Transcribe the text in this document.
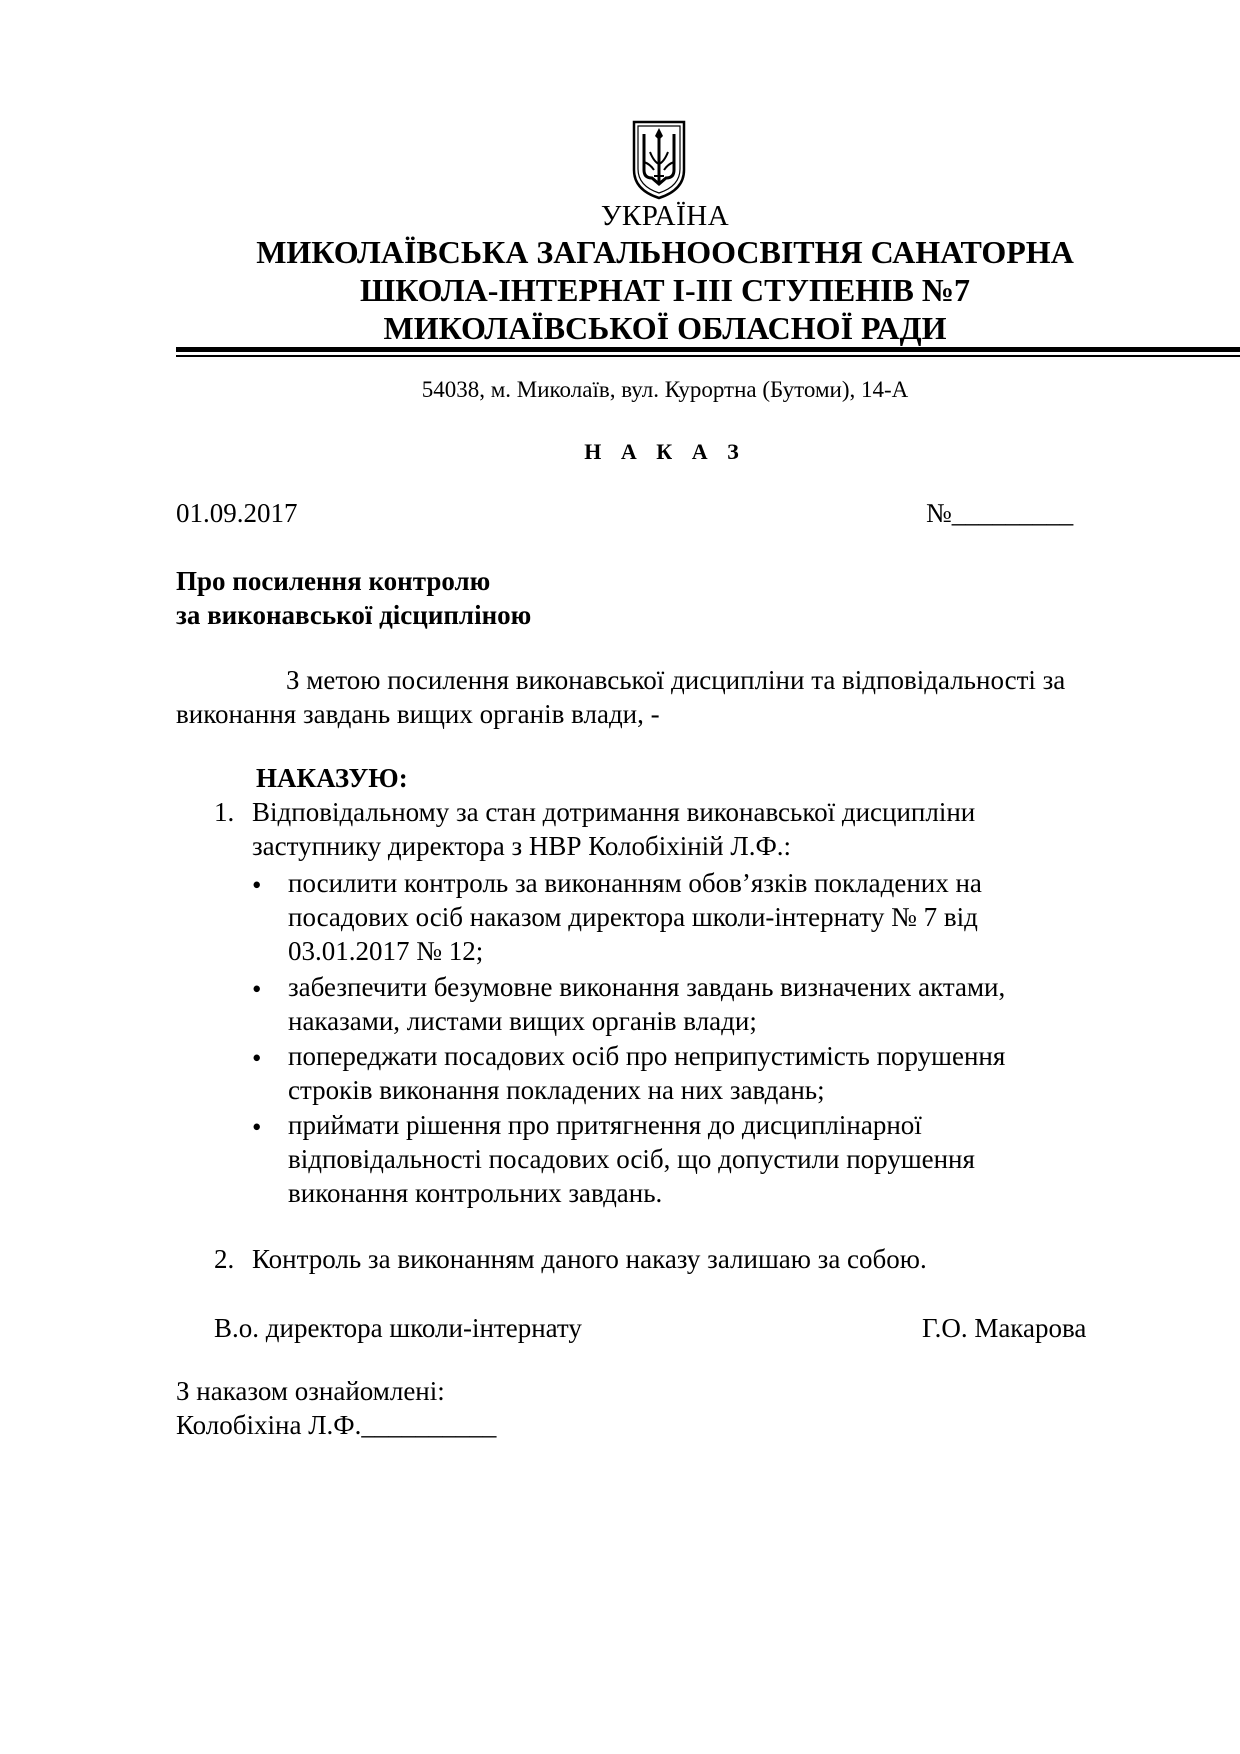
УКРАЇНА
МИКОЛАЇВСЬКА ЗАГАЛЬНООСВІТНЯ САНАТОРНА
ШКОЛА-ІНТЕРНАТ І-ІІІ СТУПЕНІВ №7
МИКОЛАЇВСЬКОЇ ОБЛАСНОЇ РАДИ
54038, м. Миколаїв, вул. Курортна (Бутоми), 14-А
Н А К А З
01.09.2017	№_________
Про посилення контролю
за виконавської дісципліною
З метою посилення виконавської дисципліни та відповідальності за
виконання завдань вищих органів влади, -
НАКАЗУЮ:
1. Відповідальному за стан дотримання виконавської дисципліни
заступнику директора з НВР Колобіхіній Л.Ф.:
• посилити контроль за виконанням обов’язків покладених на
посадових осіб наказом директора школи-інтернату № 7 від
03.01.2017 № 12;
• забезпечити безумовне виконання завдань визначених актами,
наказами, листами вищих органів влади;
• попереджати посадових осіб про неприпустимість порушення
строків виконання покладених на них завдань;
• приймати рішення про притягнення до дисциплінарної
відповідальності посадових осіб, що допустили порушення
виконання контрольних завдань.
2. Контроль за виконанням даного наказу залишаю за собою.
В.о. директора школи-інтернату	Г.О. Макарова
З наказом ознайомлені:
Колобіхіна Л.Ф.__________
